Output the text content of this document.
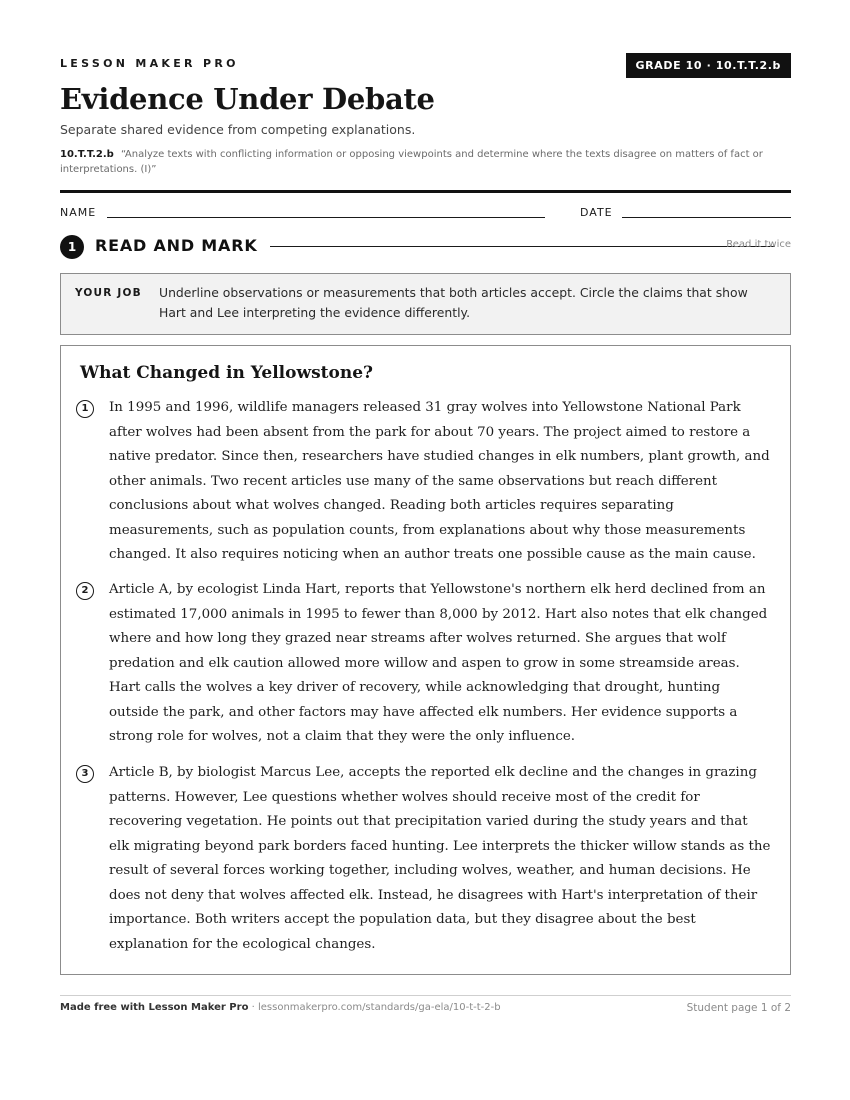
LESSON MAKER PRO	GRADE 10 · 10.T.T.2.b
Evidence Under Debate
Separate shared evidence from competing explanations.
10.T.T.2.b “Analyze texts with conflicting information or opposing viewpoints and determine where the texts disagree on matters of fact or interpretations. (I)”
NAME	DATE
1	READ AND MARK	Read it twice
YOUR JOB Underline observations or measurements that both articles accept. Circle the claims that show Hart and Lee interpreting the evidence differently.
What Changed in Yellowstone?
1	In 1995 and 1996, wildlife managers released 31 gray wolves into Yellowstone National Park after wolves had been absent from the park for about 70 years. The project aimed to restore a native predator. Since then, researchers have studied changes in elk numbers, plant growth, and other animals. Two recent articles use many of the same observations but reach different conclusions about what wolves changed. Reading both articles requires separating measurements, such as population counts, from explanations about why those measurements changed. It also requires noticing when an author treats one possible cause as the main cause.
2	Article A, by ecologist Linda Hart, reports that Yellowstone's northern elk herd declined from an estimated 17,000 animals in 1995 to fewer than 8,000 by 2012. Hart also notes that elk changed where and how long they grazed near streams after wolves returned. She argues that wolf predation and elk caution allowed more willow and aspen to grow in some streamside areas. Hart calls the wolves a key driver of recovery, while acknowledging that drought, hunting outside the park, and other factors may have affected elk numbers. Her evidence supports a strong role for wolves, not a claim that they were the only influence.
3	Article B, by biologist Marcus Lee, accepts the reported elk decline and the changes in grazing patterns. However, Lee questions whether wolves should receive most of the credit for recovering vegetation. He points out that precipitation varied during the study years and that elk migrating beyond park borders faced hunting. Lee interprets the thicker willow stands as the result of several forces working together, including wolves, weather, and human decisions. He does not deny that wolves affected elk. Instead, he disagrees with Hart's interpretation of their importance. Both writers accept the population data, but they disagree about the best explanation for the ecological changes.
Made free with Lesson Maker Pro · lessonmakerpro.com/standards/ga-ela/10-t-t-2-b	Student page 1 of 2
